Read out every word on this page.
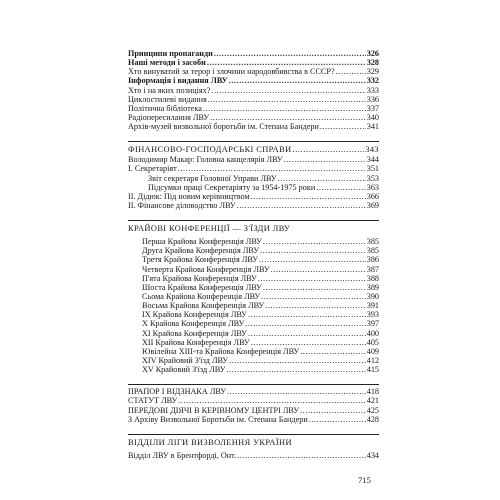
Принципи пропаганди .....	326
Наші методи і засоби .....	328
Хто винуватий за терор і злочини народовбивства в СССР? .....	329
Інформація і видання ЛВУ .....	332
Хто і на яких позиціях? .....	333
Циклостилеві видання .....	336
Політична бібліотека .....	337
Радіопересилання ЛВУ .....	340
Архів-музей визвольної боротьби ім. Степана Бандери .....	341
ФІНАНСОВО-ГОСПОДАРСЬКІ СПРАВИ .....	343
Володимир Макар: Головна канцелярія ЛВУ .....	344
І. Секретаріят .....	351
Звіт секретаря Головної Управи ЛВУ .....	353
Підсумки праці Секретаріяту за 1954-1975 роки .....	363
ІІ. Дідюк: Під новим керівництвом .....	366
ІІ. Фінансове діловодство ЛВУ .....	369
КРАЙОВІ КОНФЕРЕНЦІЇ — З'ЇЗДИ ЛВУ
Перша Крайова Конференція ЛВУ .....	385
Друга Крайова Конференція ЛВУ .....	385
Третя Крайова Конференція ЛВУ .....	386
Четверта Крайова Конференція ЛВУ .....	387
П'ята Крайова Конференція ЛВУ .....	388
Шоста Крайова Конференція ЛВУ .....	389
Сьома Крайова Конференція ЛВУ .....	390
Восьма Крайова Конференція ЛВУ .....	391
IX Крайова Конференція ЛВУ .....	393
X Крайова Конференція ЛВУ .....	397
XI Крайова Конференція ЛВУ .....	400
XII Крайова Конференція ЛВУ .....	405
Ювілейна XIII-та Крайова Конференція ЛВУ .....	409
XIV Крайовий З'їзд ЛВУ .....	412
XV Крайовий З'їзд ЛВУ .....	415
ПРАПОР І ВІДЗНАКА ЛВУ .....	418
СТАТУТ ЛВУ .....	421
ПЕРЕДОВІ ДІЯЧІ В КЕРІВНОМУ ЦЕНТРІ ЛВУ .....	425
З Архіву Визвольної Боротьби ім. Степана Бандери .....	428
ВІДДІЛИ ЛІГИ ВИЗВОЛЕННЯ УКРАЇНИ
Відділ ЛВУ в Брентфорді, Онт. .....	434
715
